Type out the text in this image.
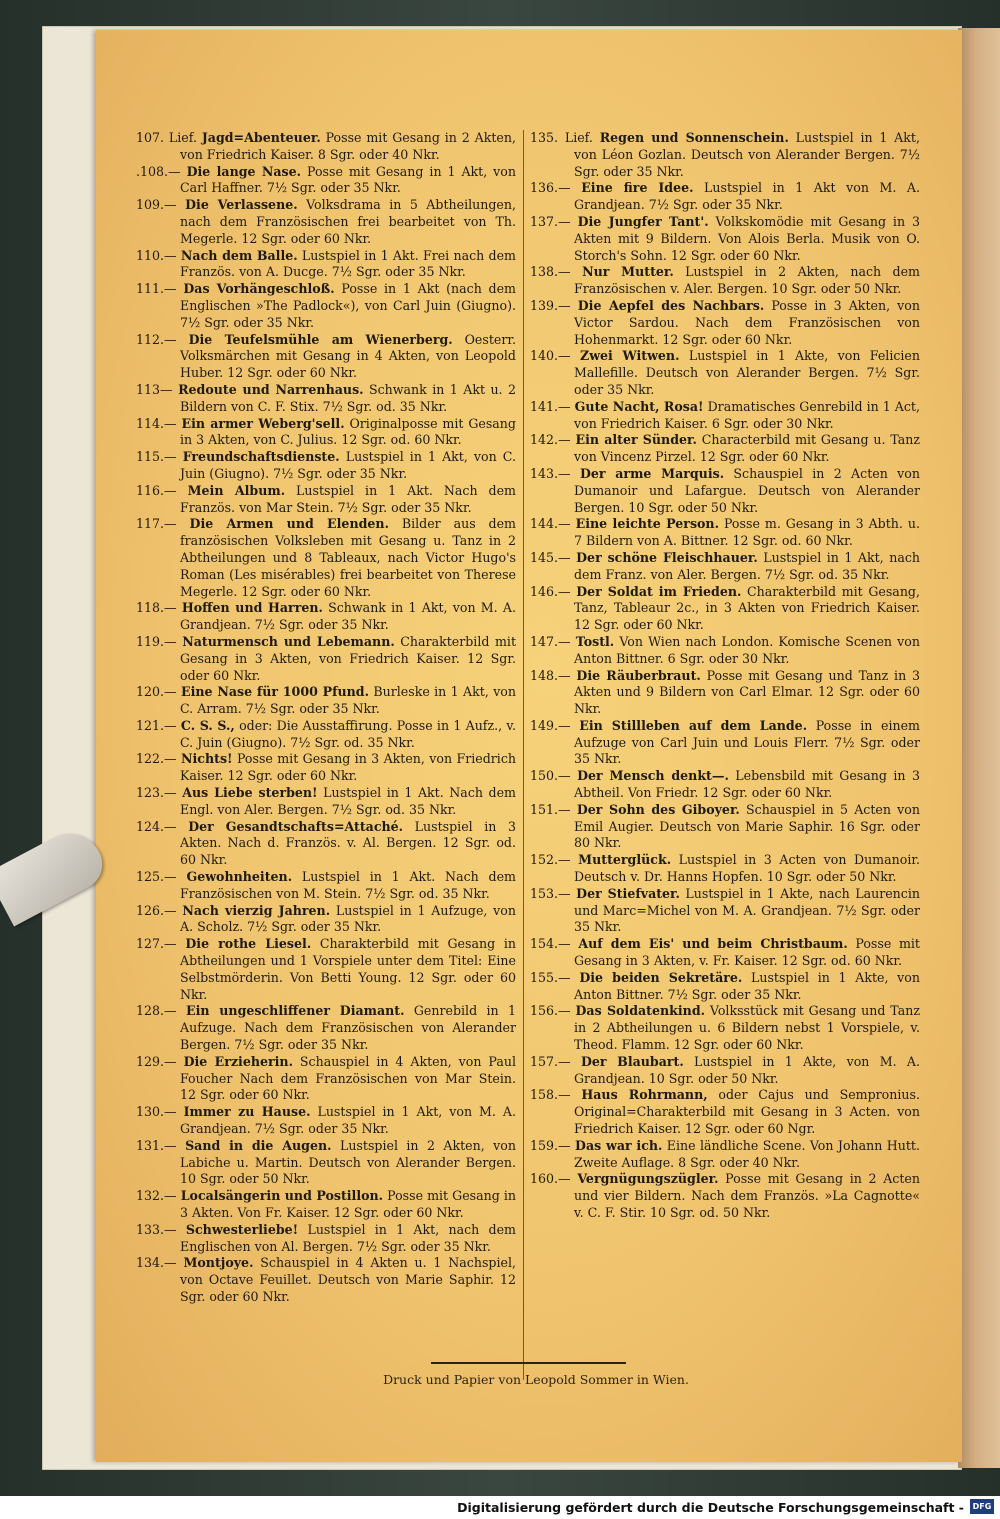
107. Lief. Jagd=Abenteuer. Posse mit Gesang in 2 Akten, von Friedrich Kaiser. 8 Sgr. oder 40 Nkr.

.108.— Die lange Nase. Posse mit Gesang in 1 Akt, von Carl Haffner. 7½ Sgr. oder 35 Nkr.

109.— Die Verlassene. Volksdrama in 5 Abtheilungen, nach dem Französischen frei bearbeitet von Th. Megerle. 12 Sgr. oder 60 Nkr.

110.— Nach dem Balle. Lustspiel in 1 Akt. Frei nach dem Französ. von A. Ducge. 7½ Sgr. oder 35 Nkr.

111.— Das Vorhängeschloß. Posse in 1 Akt (nach dem Englischen »The Padlock«), von Carl Juin (Giugno). 7½ Sgr. oder 35 Nkr.

112.— Die Teufelsmühle am Wienerberg. Oesterr. Volksmärchen mit Gesang in 4 Akten, von Leopold Huber. 12 Sgr. oder 60 Nkr.

113— Redoute und Narrenhaus. Schwank in 1 Akt u. 2 Bildern von C. F. Stix. 7½ Sgr. od. 35 Nkr.

114.— Ein armer Weberg'sell. Originalposse mit Gesang in 3 Akten, von C. Julius. 12 Sgr. od. 60 Nkr.

115.— Freundschaftsdienste. Lustspiel in 1 Akt, von C. Juin (Giugno). 7½ Sgr. oder 35 Nkr.

116.— Mein Album. Lustspiel in 1 Akt. Nach dem Französ. von Mar Stein. 7½ Sgr. oder 35 Nkr.

117.— Die Armen und Elenden. Bilder aus dem französischen Volksleben mit Gesang u. Tanz in 2 Abtheilungen und 8 Tableaux, nach Victor Hugo's Roman (Les misérables) frei bearbeitet von Therese Megerle. 12 Sgr. oder 60 Nkr.

118.— Hoffen und Harren. Schwank in 1 Akt, von M. A. Grandjean. 7½ Sgr. oder 35 Nkr.

119.— Naturmensch und Lebemann. Charakterbild mit Gesang in 3 Akten, von Friedrich Kaiser. 12 Sgr. oder 60 Nkr.

120.— Eine Nase für 1000 Pfund. Burleske in 1 Akt, von C. Arram. 7½ Sgr. oder 35 Nkr.

121.— C. S. S., oder: Die Ausstaffirung. Posse in 1 Aufz., v. C. Juin (Giugno). 7½ Sgr. od. 35 Nkr.

122.— Nichts! Posse mit Gesang in 3 Akten, von Friedrich Kaiser. 12 Sgr. oder 60 Nkr.

123.— Aus Liebe sterben! Lustspiel in 1 Akt. Nach dem Engl. von Aler. Bergen. 7½ Sgr. od. 35 Nkr.

124.— Der Gesandtschafts=Attaché. Lustspiel in 3 Akten. Nach d. Französ. v. Al. Bergen. 12 Sgr. od. 60 Nkr.

125.— Gewohnheiten. Lustspiel in 1 Akt. Nach dem Französischen von M. Stein. 7½ Sgr. od. 35 Nkr.

126.— Nach vierzig Jahren. Lustspiel in 1 Aufzuge, von A. Scholz. 7½ Sgr. oder 35 Nkr.

127.— Die rothe Liesel. Charakterbild mit Gesang in Abtheilungen und 1 Vorspiele unter dem Titel: Eine Selbstmörderin. Von Betti Young. 12 Sgr. oder 60 Nkr.

128.— Ein ungeschliffener Diamant. Genrebild in 1 Aufzuge. Nach dem Französischen von Alerander Bergen. 7½ Sgr. oder 35 Nkr.

129.— Die Erzieherin. Schauspiel in 4 Akten, von Paul Foucher Nach dem Französischen von Mar Stein. 12 Sgr. oder 60 Nkr.

130.— Immer zu Hause. Lustspiel in 1 Akt, von M. A. Grandjean. 7½ Sgr. oder 35 Nkr.

131.— Sand in die Augen. Lustspiel in 2 Akten, von Labiche u. Martin. Deutsch von Alerander Bergen. 10 Sgr. oder 50 Nkr.

132.— Localsängerin und Postillon. Posse mit Gesang in 3 Akten. Von Fr. Kaiser. 12 Sgr. oder 60 Nkr.

133.— Schwesterliebe! Lustspiel in 1 Akt, nach dem Englischen von Al. Bergen. 7½ Sgr. oder 35 Nkr.

134.— Montjoye. Schauspiel in 4 Akten u. 1 Nachspiel, von Octave Feuillet. Deutsch von Marie Saphir. 12 Sgr. oder 60 Nkr.

135. Lief. Regen und Sonnenschein. Lustspiel in 1 Akt, von Léon Gozlan. Deutsch von Alerander Bergen. 7½ Sgr. oder 35 Nkr.

136.— Eine fire Idee. Lustspiel in 1 Akt von M. A. Grandjean. 7½ Sgr. oder 35 Nkr.

137.— Die Jungfer Tant'. Volkskomödie mit Gesang in 3 Akten mit 9 Bildern. Von Alois Berla. Musik von O. Storch's Sohn. 12 Sgr. oder 60 Nkr.

138.— Nur Mutter. Lustspiel in 2 Akten, nach dem Französischen v. Aler. Bergen. 10 Sgr. oder 50 Nkr.

139.— Die Aepfel des Nachbars. Posse in 3 Akten, von Victor Sardou. Nach dem Französischen von Hohenmarkt. 12 Sgr. oder 60 Nkr.

140.— Zwei Witwen. Lustspiel in 1 Akte, von Felicien Mallefille. Deutsch von Alerander Bergen. 7½ Sgr. oder 35 Nkr.

141.— Gute Nacht, Rosa! Dramatisches Genrebild in 1 Act, von Friedrich Kaiser. 6 Sgr. oder 30 Nkr.

142.— Ein alter Sünder. Characterbild mit Gesang u. Tanz von Vincenz Pirzel. 12 Sgr. oder 60 Nkr.

143.— Der arme Marquis. Schauspiel in 2 Acten von Dumanoir und Lafargue. Deutsch von Alerander Bergen. 10 Sgr. oder 50 Nkr.

144.— Eine leichte Person. Posse m. Gesang in 3 Abth. u. 7 Bildern von A. Bittner. 12 Sgr. od. 60 Nkr.

145.— Der schöne Fleischhauer. Lustspiel in 1 Akt, nach dem Franz. von Aler. Bergen. 7½ Sgr. od. 35 Nkr.

146.— Der Soldat im Frieden. Charakterbild mit Gesang, Tanz, Tableaur 2c., in 3 Akten von Friedrich Kaiser. 12 Sgr. oder 60 Nkr.

147.— Tostl. Von Wien nach London. Komische Scenen von Anton Bittner. 6 Sgr. oder 30 Nkr.

148.— Die Räuberbraut. Posse mit Gesang und Tanz in 3 Akten und 9 Bildern von Carl Elmar. 12 Sgr. oder 60 Nkr.

149.— Ein Stillleben auf dem Lande. Posse in einem Aufzuge von Carl Juin und Louis Flerr. 7½ Sgr. oder 35 Nkr.

150.— Der Mensch denkt—. Lebensbild mit Gesang in 3 Abtheil. Von Friedr. 12 Sgr. oder 60 Nkr.

151.— Der Sohn des Giboyer. Schauspiel in 5 Acten von Emil Augier. Deutsch von Marie Saphir. 16 Sgr. oder 80 Nkr.

152.— Mutterglück. Lustspiel in 3 Acten von Dumanoir. Deutsch v. Dr. Hanns Hopfen. 10 Sgr. oder 50 Nkr.

153.— Der Stiefvater. Lustspiel in 1 Akte, nach Laurencin und Marc=Michel von M. A. Grandjean. 7½ Sgr. oder 35 Nkr.

154.— Auf dem Eis' und beim Christbaum. Posse mit Gesang in 3 Akten, v. Fr. Kaiser. 12 Sgr. od. 60 Nkr.

155.— Die beiden Sekretäre. Lustspiel in 1 Akte, von Anton Bittner. 7½ Sgr. oder 35 Nkr.

156.— Das Soldatenkind. Volksstück mit Gesang und Tanz in 2 Abtheilungen u. 6 Bildern nebst 1 Vorspiele, v. Theod. Flamm. 12 Sgr. oder 60 Nkr.

157.— Der Blaubart. Lustspiel in 1 Akte, von M. A. Grandjean. 10 Sgr. oder 50 Nkr.

158.— Haus Rohrmann, oder Cajus und Sempronius. Original=Charakterbild mit Gesang in 3 Acten. von Friedrich Kaiser. 12 Sgr. oder 60 Ngr.

159.— Das war ich. Eine ländliche Scene. Von Johann Hutt. Zweite Auflage. 8 Sgr. oder 40 Nkr.

160.— Vergnügungszügler. Posse mit Gesang in 2 Acten und vier Bildern. Nach dem Französ. »La Cagnotte« v. C. F. Stir. 10 Sgr. od. 50 Nkr.

Druck und Papier von Leopold Sommer in Wien.
Digitalisierung gefördert durch die Deutsche Forschungsgemeinschaft -	DFG
